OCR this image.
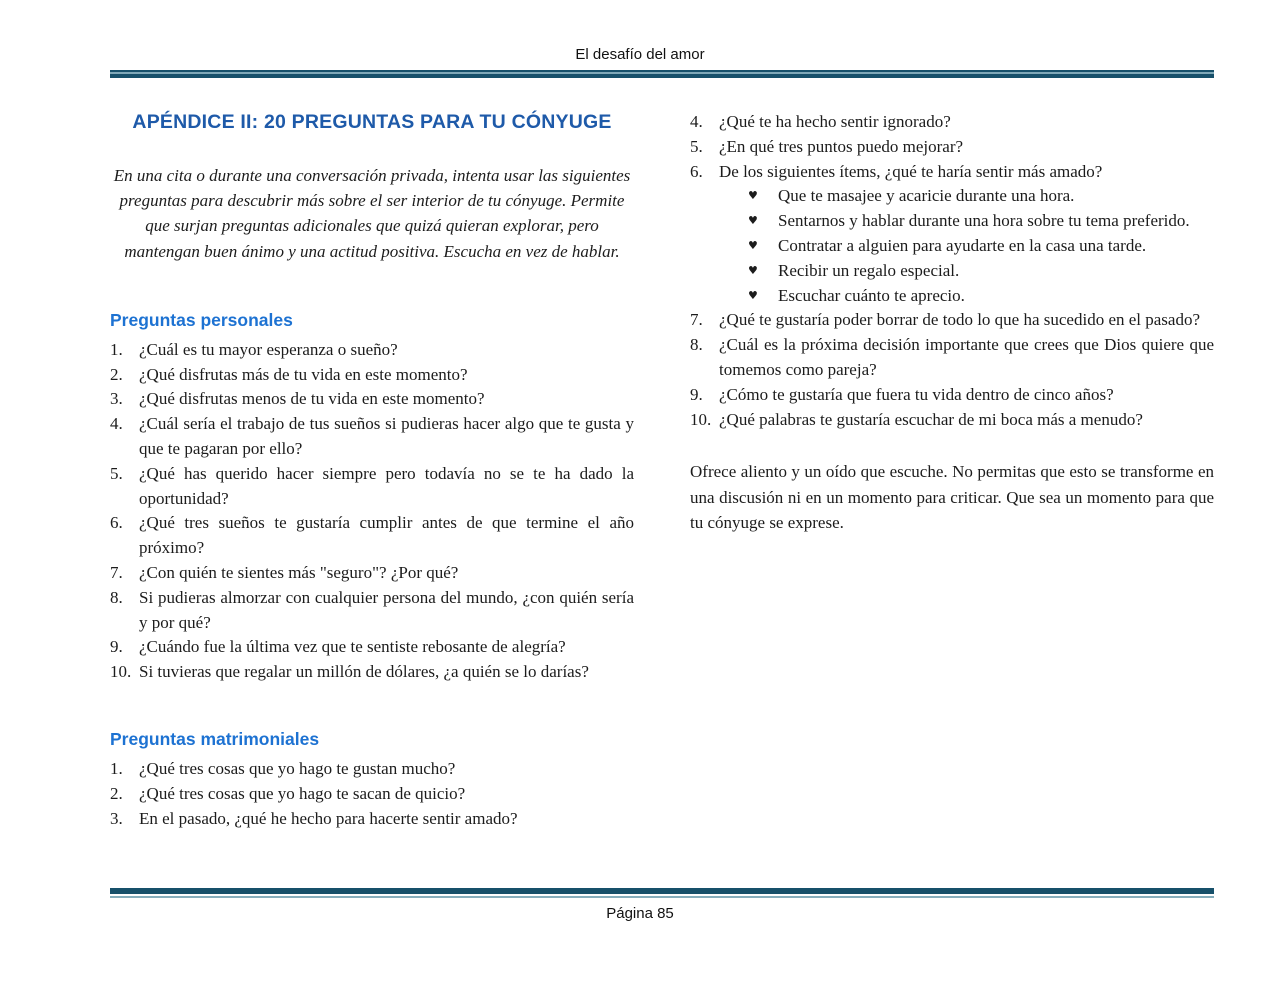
El desafío del amor
APÉNDICE II: 20 PREGUNTAS PARA TU CÓNYUGE

En una cita o durante una conversación privada, intenta usar las siguientes preguntas para descubrir más sobre el ser interior de tu cónyuge. Permite que surjan preguntas adicionales que quizá quieran explorar, pero mantengan buen ánimo y una actitud positiva. Escucha en vez de hablar.

Preguntas personales
1. ¿Cuál es tu mayor esperanza o sueño?
2. ¿Qué disfrutas más de tu vida en este momento?
3. ¿Qué disfrutas menos de tu vida en este momento?
4. ¿Cuál sería el trabajo de tus sueños si pudieras hacer algo que te gusta y que te pagaran por ello?
5. ¿Qué has querido hacer siempre pero todavía no se te ha dado la oportunidad?
6. ¿Qué tres sueños te gustaría cumplir antes de que termine el año próximo?
7. ¿Con quién te sientes más "seguro"? ¿Por qué?
8. Si pudieras almorzar con cualquier persona del mundo, ¿con quién sería y por qué?
9. ¿Cuándo fue la última vez que te sentiste rebosante de alegría?
10. Si tuvieras que regalar un millón de dólares, ¿a quién se lo darías?
Preguntas matrimoniales
1. ¿Qué tres cosas que yo hago te gustan mucho?
2. ¿Qué tres cosas que yo hago te sacan de quicio?
3. En el pasado, ¿qué he hecho para hacerte sentir amado?
4. ¿Qué te ha hecho sentir ignorado?
5. ¿En qué tres puntos puedo mejorar?
6. De los siguientes ítems, ¿qué te haría sentir más amado?
♥	Que te masajee y acaricie durante una hora.
♥	Sentarnos y hablar durante una hora sobre tu tema preferido.
♥	Contratar a alguien para ayudarte en la casa una tarde.
♥	Recibir un regalo especial.
♥	Escuchar cuánto te aprecio.
7. ¿Qué te gustaría poder borrar de todo lo que ha sucedido en el pasado?
8. ¿Cuál es la próxima decisión importante que crees que Dios quiere que tomemos como pareja?
9. ¿Cómo te gustaría que fuera tu vida dentro de cinco años?
10. ¿Qué palabras te gustaría escuchar de mi boca más a menudo?

Ofrece aliento y un oído que escuche. No permitas que esto se transforme en una discusión ni en un momento para criticar. Que sea un momento para que tu cónyuge se exprese.

Página 85
